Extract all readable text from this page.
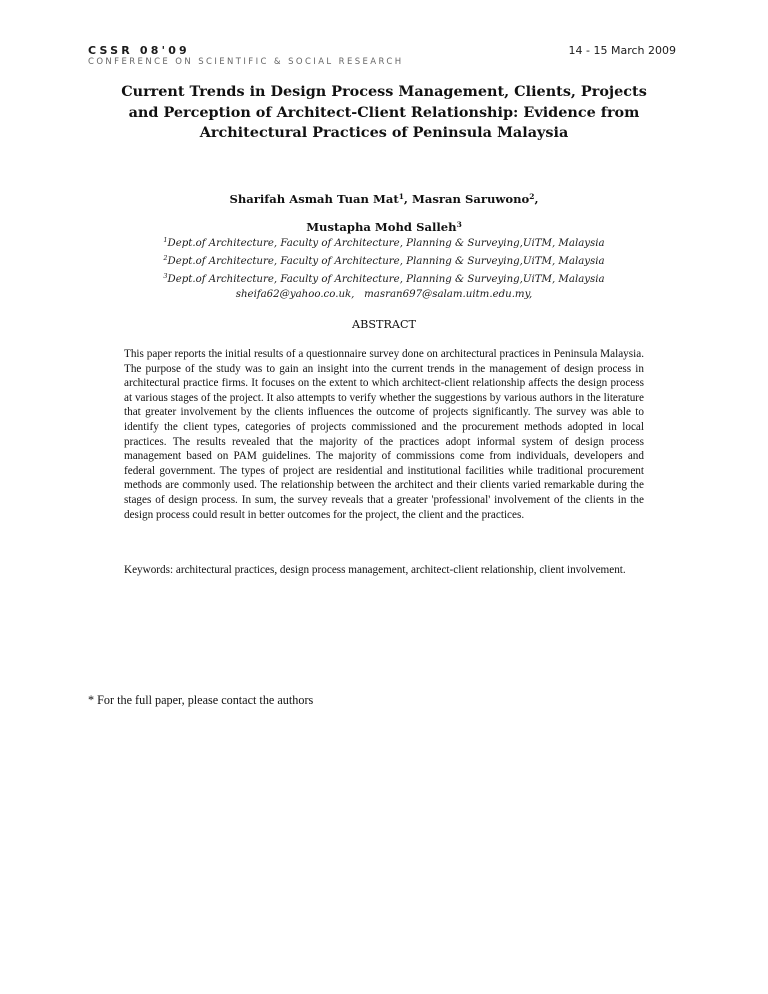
CSSR 08'09
CONFERENCE ON SCIENTIFIC & SOCIAL RESEARCH
14 - 15 March 2009
Current Trends in Design Process Management, Clients, Projects
and Perception of Architect-Client Relationship: Evidence from
Architectural Practices of Peninsula Malaysia
Sharifah Asmah Tuan Mat$^1$, Masran Saruwono$^2$,
Mustapha Mohd Salleh$^3$
$^1$Dept.of Architecture, Faculty of Architecture, Planning & Surveying,UiTM, Malaysia
$^2$Dept.of Architecture, Faculty of Architecture, Planning & Surveying,UiTM, Malaysia
$^3$Dept.of Architecture, Faculty of Architecture, Planning & Surveying,UiTM, Malaysia
sheifa62@yahoo.co.uk,   masran697@salam.uitm.edu.my,
ABSTRACT
This paper reports the initial results of a questionnaire survey done on architectural practices in Peninsula Malaysia. The purpose of the study was to gain an insight into the current trends in the management of design process in architectural practice firms. It focuses on the extent to which architect-client relationship affects the design process at various stages of the project. It also attempts to verify whether the suggestions by various authors in the literature that greater involvement by the clients influences the outcome of projects significantly. The survey was able to identify the client types, categories of projects commissioned and the procurement methods adopted in local practices. The results revealed that the majority of the practices adopt informal system of design process management based on PAM guidelines. The majority of commissions come from individuals, developers and federal government. The types of project are residential and institutional facilities while traditional procurement methods are commonly used. The relationship between the architect and their clients varied remarkable during the stages of design process. In sum, the survey reveals that a greater 'professional' involvement of the clients in the design process could result in better outcomes for the project, the client and the practices.
Keywords: architectural practices, design process management, architect-client relationship, client involvement.
* For the full paper, please contact the authors
